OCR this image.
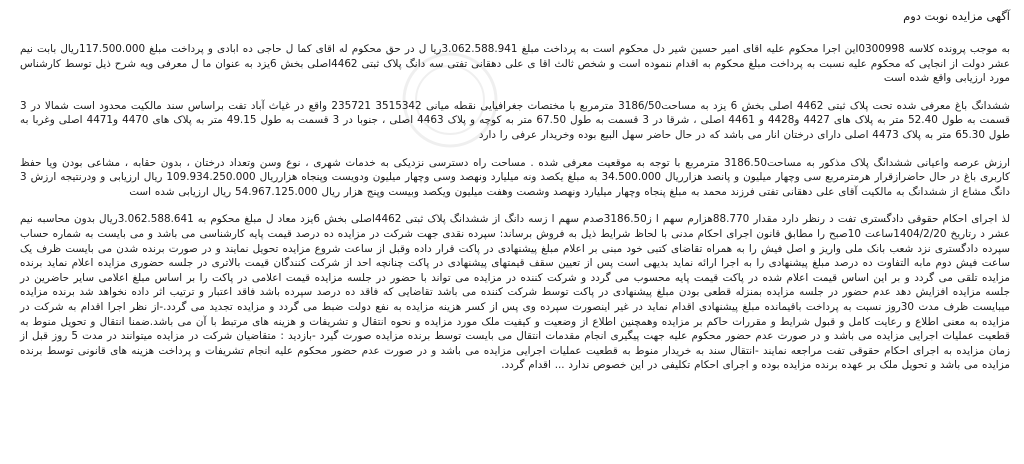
آگهی مزایده نوبت دوم

به موجب پرونده کلاسه 0300998این اجرا محکوم علیه اقای امیر حسین شیر دل محکوم است به پرداخت مبلغ 3.062.588.941ریا ل در حق محکوم له اقای کما ل حاجی ده ابادی و پرداخت مبلغ 117.500.000ریال بابت نیم عشر دولت از انجایی که محکوم علیه نسبت به پرداخت مبلغ محکوم به اقدام ننموده است و شخص ثالث اقا ی علی دهقانی تفتی سه دانگ پلاک ثبتی 4462اصلی بخش 6یزد به عنوان ما ل معرفی ویه شرح ذیل توسط کارشناس مورد ارزیابی واقع شده است

ششدانگ باغ معرفی شده تحت پلاک ثبتی 4462 اصلی بخش 6 یزد به مساحت3186/50 مترمربع با مختصات جغرافیایی نقطه میانی 3515342 235721 واقع در غیاث آباد تفت براساس سند مالکیت محدود است شمالا در 3 قسمت به طول 52.40 متر به پلاک های 4427 و4428 و 4461 اصلی ، شرقا در 3 قسمت به طول 67.50 متر به کوچه و پلاک 4463 اصلی ، جنوبا در 3 قسمت به طول 49.15 متر به پلاک های 4470 و4471 اصلی وغربا به طول 65.30 متر به پلاک 4473 اصلی دارای درختان انار می باشد که در حال حاضر سهل البیع بوده وخریدار عرفی را دارد

ارزش عرصه واعیانی ششدانگ پلاک مذکور به مساحت3186.50 مترمربع با توجه به موقعیت معرفی شده . مساحت راه دسترسی نزدیکی به خدمات شهری ، نوع وسن وتعداد درختان ، بدون حقابه ، مشاعی بودن ویا حفظ کاربری باغ در حال حاضرازقرار هرمترمربع سی وچهار میلیون و پانصد هزارریال 34.500.000 به مبلغ یکصد ونه میلیارد ونهصد وسی وچهار میلیون ودویست وپنجاه هزارریال 109.934.250.000 ریال ارزیابی و ودرنتیجه ارزش 3 دانگ مشاع از ششدانگ به مالکیت آقای علی دهقانی تفتی فرزند محمد به مبلغ پنجاه وچهار میلیارد ونهصد وشصت وهفت میلیون ویکصد وبیست وپنج هزار ریال 54.967.125.000 ریال ارزیابی شده است

لذ اجرای احکام حقوقی دادگستری تفت د رنظر دارد مقدار 88.770هزارم سهم ا ز3186.50صدم سهم ا زسه دانگ از ششدانگ پلاک ثبتی 4462اصلی بخش 6یزد معاد ل مبلغ محکوم به 3.062.588.641ریال بدون محاسبه نیم عشر د رتاریخ 1404/2/20ساعت 10صبح را مطابق قانون اجرای احکام مدنی با لحاظ شرایط ذیل به فروش برساند: سپرده نقدی جهت شرکت در مزایده ده درصد قیمت پایه کارشناسی می باشد و می بایست به شماره حساب سپرده دادگستری نزد شعب بانک ملی واریز و اصل فیش را به همراه تقاضای کتبی خود مبنی بر اعلام مبلغ پیشنهادی در پاکت قرار داده وقبل از ساعت شروع مزایده تحویل نمایند و در صورت برنده شدن می بایست ظرف یک ساعت فیش دوم مابه التفاوت ده درصد مبلغ پیشنهادی را به اجرا ارائه نماید بدیهی است پس از تعیین سقف قیمتهای پیشنهادی در پاکت چنانچه احد از شرکت کنندگان قیمت بالاتری در جلسه حضوری مزایده اعلام نماید برنده مزایده تلقی می گردد و بر این اساس قیمت اعلام شده در پاکت قیمت پایه محسوب می گردد و شرکت کننده در مزایده می تواند با حضور در جلسه مزایده قیمت اعلامی در پاکت را بر اساس مبلغ اعلامی سایر حاضرین در جلسه مزایده افزایش دهد عدم حضور در جلسه مزایده بمنزله قطعی بودن مبلغ پیشنهادی در پاکت توسط شرکت کننده می باشد تقاضایی که فاقد ده درصد سپرده باشد فاقد اعتبار و ترتیب اثر داده نخواهد شد برنده مزایده میبایست ظرف مدت 30روز نسبت به پرداخت باقیمانده مبلغ پیشنهادی اقدام نماید در غیر اینصورت سپرده وی پس از کسر هزینه مزایده به نفع دولت ضبط می گردد و مزایده تجدید می گردد.-از نظر اجرا اقدام به شرکت در مزایده به معنی اطلاع و رعایت کامل و قبول شرایط و مقررات حاکم بر مزایده وهمچنین اطلاع از وضعیت و کیفیت ملک مورد مزایده و نحوه انتقال و تشریفات و هزینه های مرتبط با آن می باشد.ضمنا انتقال و تحویل منوط به قطعیت عملیات اجرایی مزایده می باشد و در صورت عدم حضور محکوم علیه جهت پیگیری انجام مقدمات انتقال می بایست توسط برنده مزایده صورت گیرد -بازدید : متقاضیان شرکت در مزایده میتوانند در مدت 5 روز قبل از زمان مزایده به اجرای احکام حقوقی تفت مراجعه نمایند -انتقال سند به خریدار منوط به قطعیت عملیات اجرایی مزایده می باشد و در صورت عدم حضور محکوم علیه انجام تشریفات و پرداخت هزینه های قانونی توسط برنده مزایده می باشد و تحویل ملک بر عهده برنده مزایده بوده و اجرای احکام تکلیفی در این خصوص ندارد ... اقدام گردد.
